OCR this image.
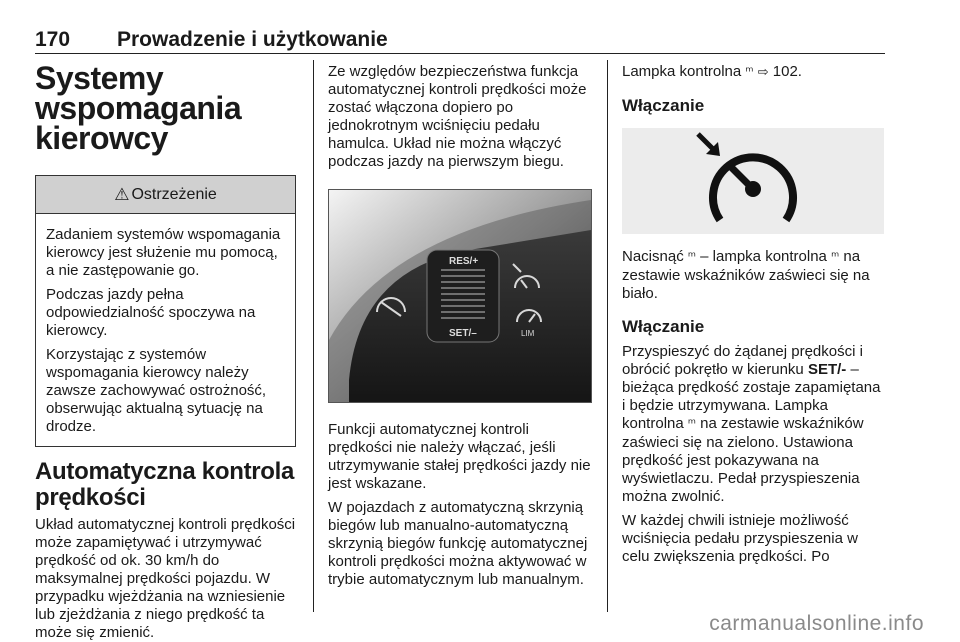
170 Prowadzenie i użytkowanie
Systemy wspomagania kierowcy
⚠ Ostrzeżenie

Zadaniem systemów wspomagania kierowcy jest służenie mu pomocą, a nie zastępowanie go.

Podczas jazdy pełna odpowiedzialność spoczywa na kierowcy.

Korzystając z systemów wspomagania kierowcy należy zawsze zachowywać ostrożność, obserwując aktualną sytuację na drodze.

Automatyczna kontrola prędkości

Układ automatycznej kontroli prędkości może zapamiętywać i utrzymywać prędkość od ok. 30 km/h do maksymalnej prędkości pojazdu. W przypadku wjeżdżania na wzniesienie lub zjeżdżania z niego prędkość ta może się zmienić.

Ze względów bezpieczeństwa funkcja automatycznej kontroli prędkości może zostać włączona dopiero po jednokrotnym wciśnięciu pedału hamulca. Układ nie można włączyć podczas jazdy na pierwszym biegu.

RES/+
SET/–	LIM

Funkcji automatycznej kontroli prędkości nie należy włączać, jeśli utrzymywanie stałej prędkości jazdy nie jest wskazane.

W pojazdach z automatyczną skrzynią biegów lub manualno-automatyczną skrzynią biegów funkcję automatycznej kontroli prędkości można aktywować w trybie automatycznym lub manualnym.

Lampka kontrolna ᵐ ⇨ 102.

Włączanie

Nacisnąć ᵐ – lampka kontrolna ᵐ na zestawie wskaźników zaświeci się na biało.

Włączanie

Przyspieszyć do żądanej prędkości i obrócić pokrętło w kierunku SET/- – bieżąca prędkość zostaje zapamiętana i będzie utrzymywana. Lampka kontrolna ᵐ na zestawie wskaźników zaświeci się na zielono. Ustawiona prędkość jest pokazywana na wyświetlaczu. Pedał przyspieszenia można zwolnić.

W każdej chwili istnieje możliwość wciśnięcia pedału przyspieszenia w celu zwiększenia prędkości. Po

carmanualsonline.info
